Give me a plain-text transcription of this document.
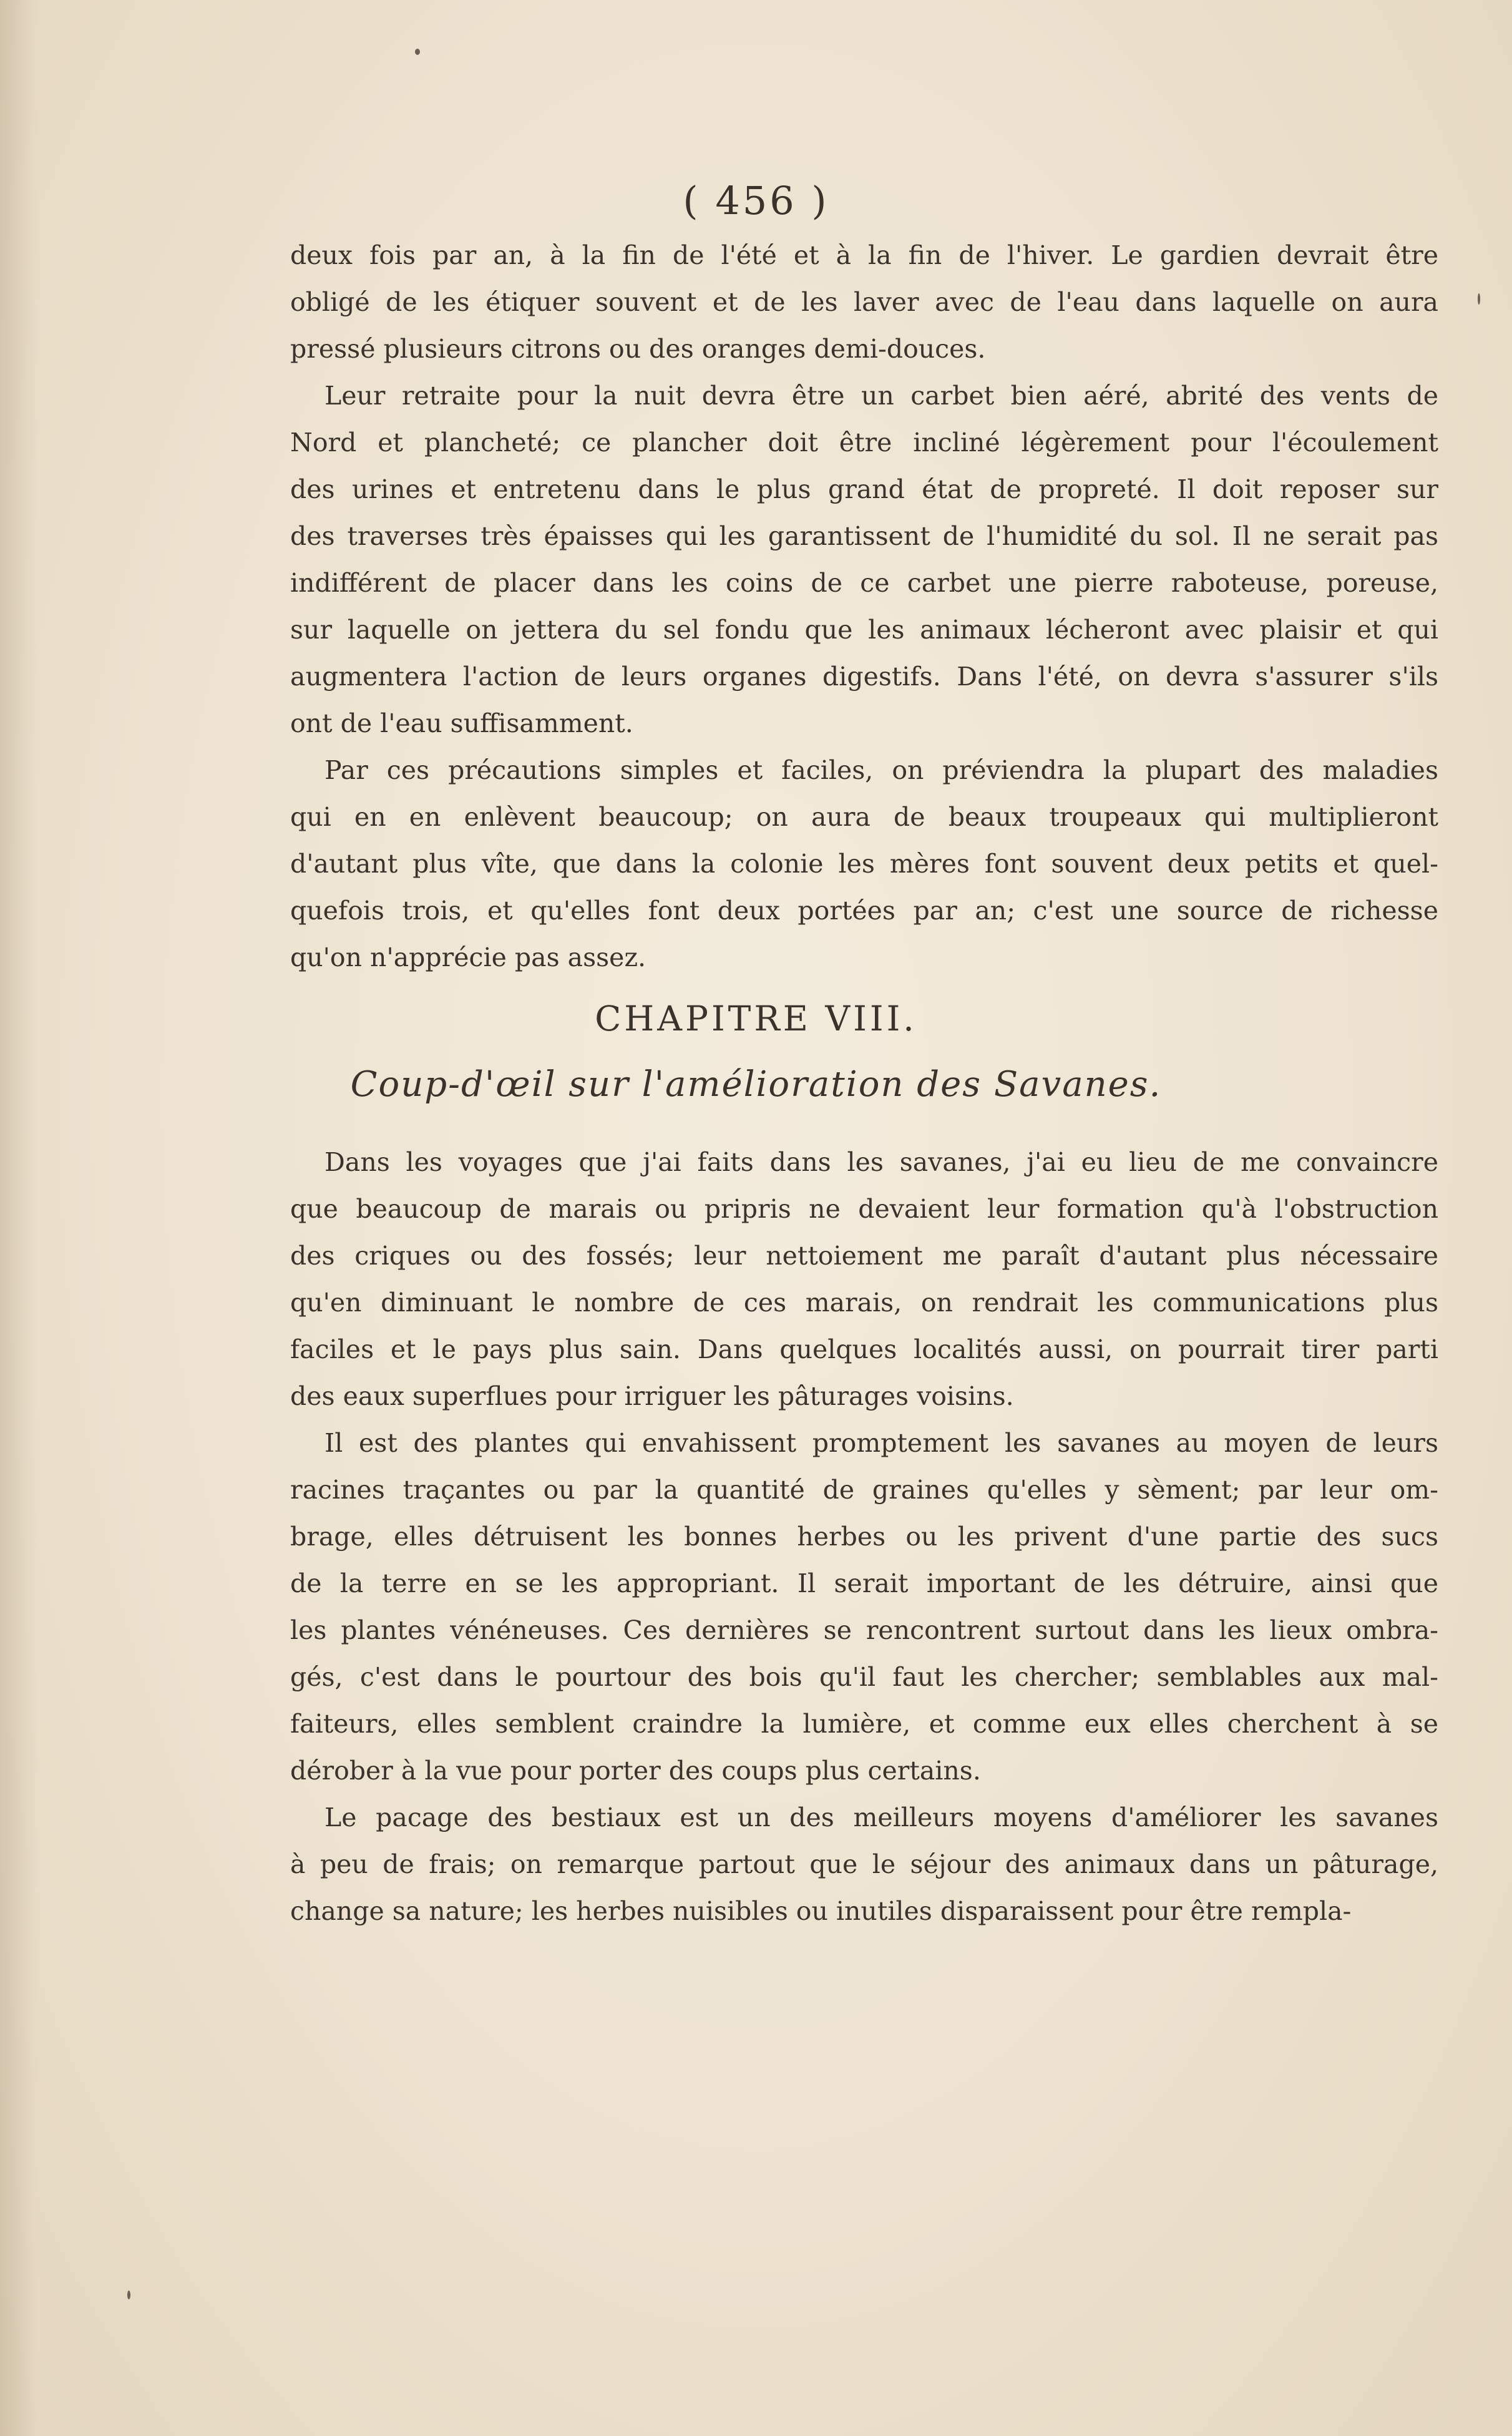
( 456 )
deux fois par an, à la fin de l'été et à la fin de l'hiver. Le gardien devrait être
obligé de les étiquer souvent et de les laver avec de l'eau dans laquelle on aura
pressé plusieurs citrons ou des oranges demi-douces.
Leur retraite pour la nuit devra être un carbet bien aéré, abrité des vents de
Nord et plancheté; ce plancher doit être incliné légèrement pour l'écoulement
des urines et entretenu dans le plus grand état de propreté. Il doit reposer sur
des traverses très épaisses qui les garantissent de l'humidité du sol. Il ne serait pas
indifférent de placer dans les coins de ce carbet une pierre raboteuse, poreuse,
sur laquelle on jettera du sel fondu que les animaux lécheront avec plaisir et qui
augmentera l'action de leurs organes digestifs. Dans l'été, on devra s'assurer s'ils
ont de l'eau suffisamment.
Par ces précautions simples et faciles, on préviendra la plupart des maladies
qui en en enlèvent beaucoup; on aura de beaux troupeaux qui multiplieront
d'autant plus vîte, que dans la colonie les mères font souvent deux petits et quel-
quefois trois, et qu'elles font deux portées par an; c'est une source de richesse
qu'on n'apprécie pas assez.
CHAPITRE VIII.
Coup-d'œil sur l'amélioration des Savanes.
Dans les voyages que j'ai faits dans les savanes, j'ai eu lieu de me convaincre
que beaucoup de marais ou pripris ne devaient leur formation qu'à l'obstruction
des criques ou des fossés; leur nettoiement me paraît d'autant plus nécessaire
qu'en diminuant le nombre de ces marais, on rendrait les communications plus
faciles et le pays plus sain. Dans quelques localités aussi, on pourrait tirer parti
des eaux superflues pour irriguer les pâturages voisins.
Il est des plantes qui envahissent promptement les savanes au moyen de leurs
racines traçantes ou par la quantité de graines qu'elles y sèment; par leur om-
brage, elles détruisent les bonnes herbes ou les privent d'une partie des sucs
de la terre en se les appropriant. Il serait important de les détruire, ainsi que
les plantes vénéneuses. Ces dernières se rencontrent surtout dans les lieux ombra-
gés, c'est dans le pourtour des bois qu'il faut les chercher; semblables aux mal-
faiteurs, elles semblent craindre la lumière, et comme eux elles cherchent à se
dérober à la vue pour porter des coups plus certains.
Le pacage des bestiaux est un des meilleurs moyens d'améliorer les savanes
à peu de frais; on remarque partout que le séjour des animaux dans un pâturage,
change sa nature; les herbes nuisibles ou inutiles disparaissent pour être rempla-
